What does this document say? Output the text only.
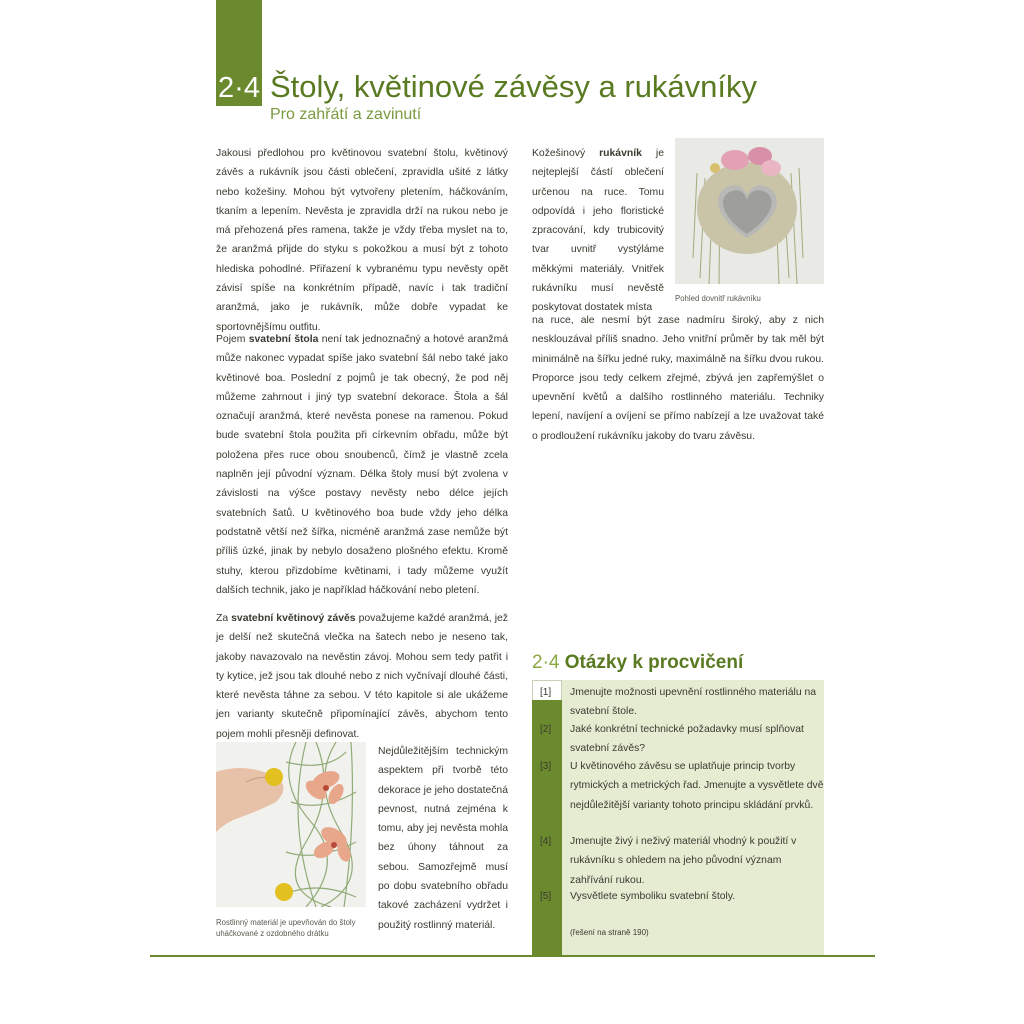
2·4 Štoly, květinové závěsy a rukávníky
Pro zahřátí a zavinutí

Jakousi předlohou pro květinovou svatební štolu, květinový závěs a rukávník jsou části oblečení, zpravidla ušité z látky nebo kožešiny. Mohou být vytvořeny pletením, háčkováním, tkaním a lepením. Nevěsta je zpravidla drží na rukou nebo je má přehozená přes ramena, takže je vždy třeba myslet na to, že aranžmá přijde do styku s pokožkou a musí být z tohoto hlediska pohodlné. Přiřazení k vybranému typu nevěsty opět závisí spíše na konkrétním případě, navíc i tak tradiční aranžmá, jako je rukávník, může dobře vypadat ke sportovnějšímu outfitu.

Pojem svatební štola není tak jednoznačný a hotové aranžmá může nakonec vypadat spíše jako svatební šál nebo také jako květinové boa. Poslední z pojmů je tak obecný, že pod něj můžeme zahrnout i jiný typ svatební dekorace. Štola a šál označují aranžmá, které nevěsta ponese na ramenou. Pokud bude svatební štola použita při církevním obřadu, může být položena přes ruce obou snoubenců, čímž je vlastně zcela naplněn její původní význam. Délka štoly musí být zvolena v závislosti na výšce postavy nevěsty nebo délce jejích svatebních šatů. U květinového boa bude vždy jeho délka podstatně větší než šířka, nicméně aranžmá zase nemůže být příliš úzké, jinak by nebylo dosaženo plošného efektu. Kromě stuhy, kterou přizdobíme květinami, i tady můžeme využít dalších technik, jako je například háčkování nebo pletení.

Za svatební květinový závěs považujeme každé aranžmá, jež je delší než skutečná vlečka na šatech nebo je neseno tak, jakoby navazovalo na nevěstin závoj. Mohou sem tedy patřit i ty kytice, jež jsou tak dlouhé nebo z nich vyčnívají dlouhé části, které nevěsta táhne za sebou. V této kapitole si ale ukážeme jen varianty skutečně připomínající závěs, abychom tento pojem mohli přesněji definovat.

Nejdůležitějším technickým aspektem při tvorbě této dekorace je jeho dostatečná pevnost, nutná zejména k tomu, aby jej nevěsta mohla bez úhony táhnout za sebou. Samozřejmě musí po dobu svatebního obřadu takové zacházení vydržet i použitý rostlinný materiál.

Rostlinný materiál je upevňován do štoly uháčkované z ozdobného drátku

Kožešinový rukávník je nejteplejší částí oblečení určenou na ruce. Tomu odpovídá i jeho floristické zpracování, kdy trubicovitý tvar uvnitř vystýláme měkkými materiály. Vnitřek rukávníku musí nevěstě poskytovat dostatek místa

Pohled dovnitř rukávníku

na ruce, ale nesmí být zase nadmíru široký, aby z nich nesklouzával příliš snadno. Jeho vnitřní průměr by tak měl být minimálně na šířku jedné ruky, maximálně na šířku dvou rukou. Proporce jsou tedy celkem zřejmé, zbývá jen zapřemýšlet o upevnění květů a dalšího rostlinného materiálu. Techniky lepení, navíjení a ovíjení se přímo nabízejí a lze uvažovat také o prodloužení rukávníku jakoby do tvaru závěsu.

2·4 Otázky k procvičení
[1]	Jmenujte možnosti upevnění rostlinného materiálu na svatební štole.
[2]	Jaké konkrétní technické požadavky musí splňovat svatební závěs?
[3]	U květinového závěsu se uplatňuje princip tvorby rytmických a metrických řad. Jmenujte a vysvětlete dvě nejdůležitější varianty tohoto principu skládání prvků.
[4]	Jmenujte živý i neživý materiál vhodný k použití v rukávníku s ohledem na jeho původní význam zahřívání rukou.
[5]	Vysvětlete symboliku svatební štoly.
(řešení na straně 190)
